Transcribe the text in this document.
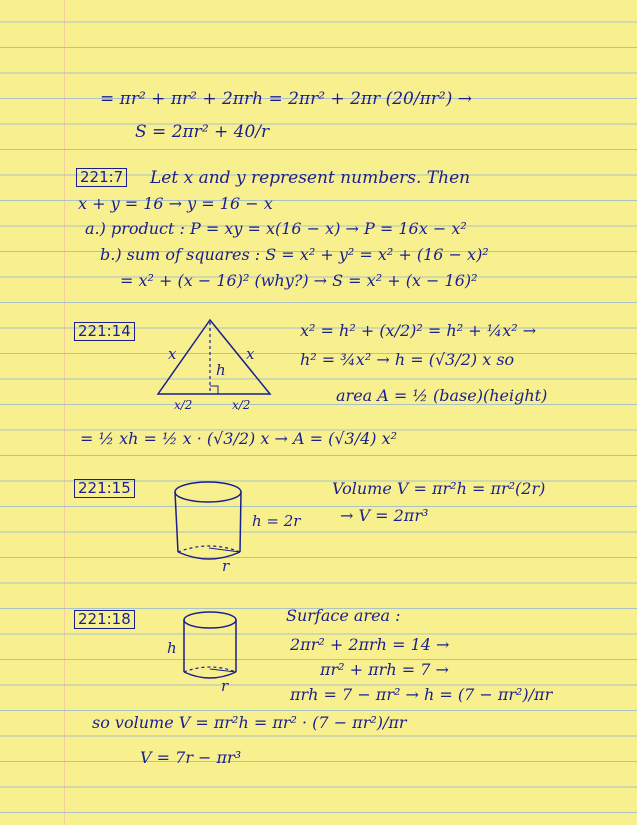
= πr² + πr² + 2πrh = 2πr² + 2πr (20/πr²) →
S = 2πr² + 40/r
221:7 Let x and y represent numbers. Then
x + y = 16 → y = 16 − x
a.) product : P = xy = x(16 − x) → P = 16x − x²
b.) sum of squares : S = x² + y² = x² + (16 − x)²
= x² + (x − 16)² (why?) → S = x² + (x − 16)²
221:14
x	x
h
x/2	x/2
x² = h² + (x/2)² = h² + ¼x² →
h² = ¾x² → h = (√3/2) x so
area A = ½ (base)(height)
= ½ xh = ½ x · (√3/2) x → A = (√3/4) x²
221:15
h = 2r
r
Volume V = πr²h = πr²(2r)
→ V = 2πr³
221:18
h
r
Surface area :
2πr² + 2πrh = 14 →
πr² + πrh = 7 →
πrh = 7 − πr² → h = (7 − πr²)/πr
so volume V = πr²h = πr² · (7 − πr²)/πr
V = 7r − πr³
